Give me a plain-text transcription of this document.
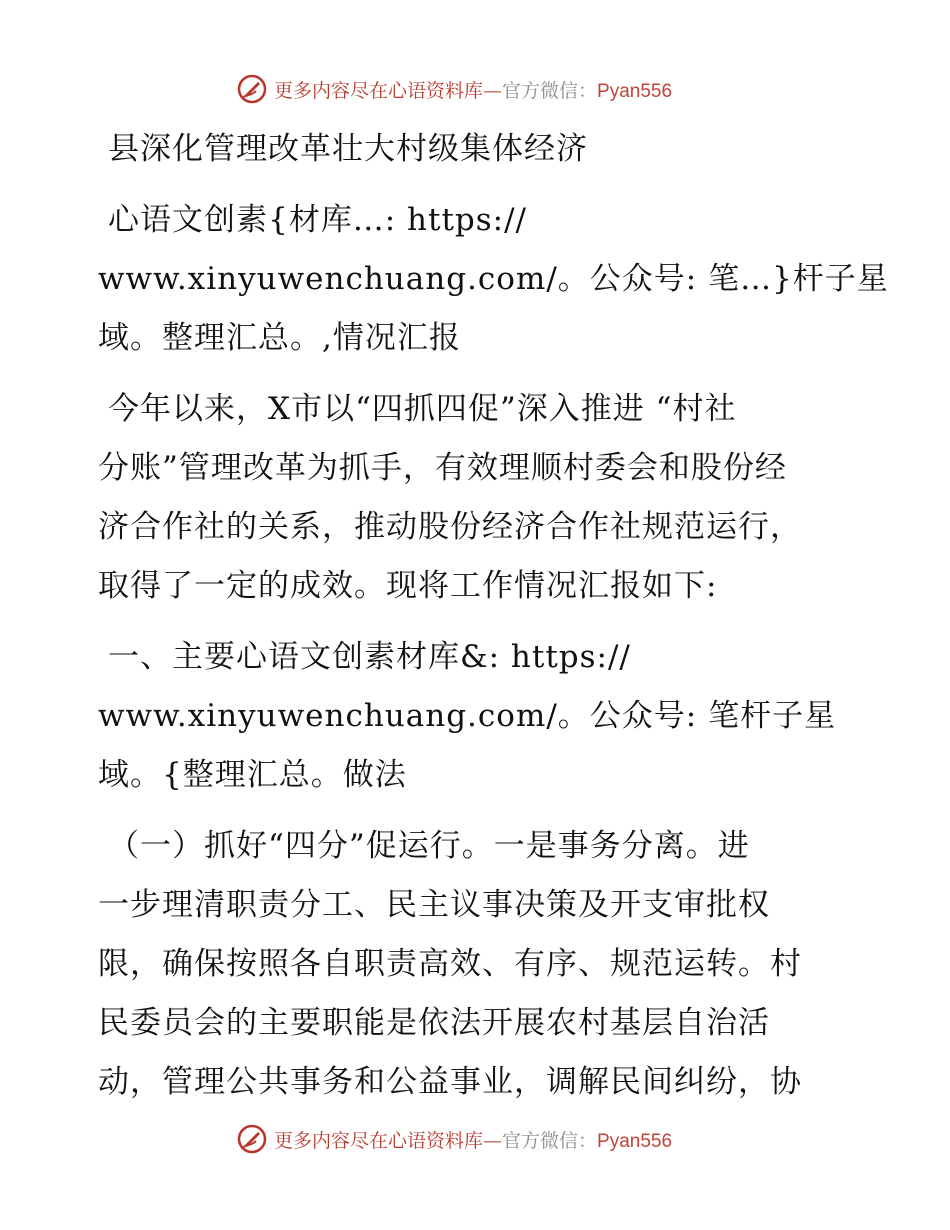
更多内容尽在心语资料库—官方微信：Pyan556
县深化管理改革壮大村级集体经济
心语文创素{材库…: https://
www.xinyuwenchuang.com/。公众号: 笔…}杆子星
域。整理汇总。,情况汇报
今年以来，X市以“四抓四促”深入推进 “村社
分账”管理改革为抓手，有效理顺村委会和股份经
济合作社的关系，推动股份经济合作社规范运行，
取得了一定的成效。现将工作情况汇报如下:
一、主要心语文创素材库&: https://
www.xinyuwenchuang.com/。公众号: 笔杆子星
域。{整理汇总。做法
（一）抓好“四分”促运行。一是事务分离。进
一步理清职责分工、民主议事决策及开支审批权
限，确保按照各自职责高效、有序、规范运转。村
民委员会的主要职能是依法开展农村基层自治活
动，管理公共事务和公益事业，调解民间纠纷，协
更多内容尽在心语资料库—官方微信：Pyan556
